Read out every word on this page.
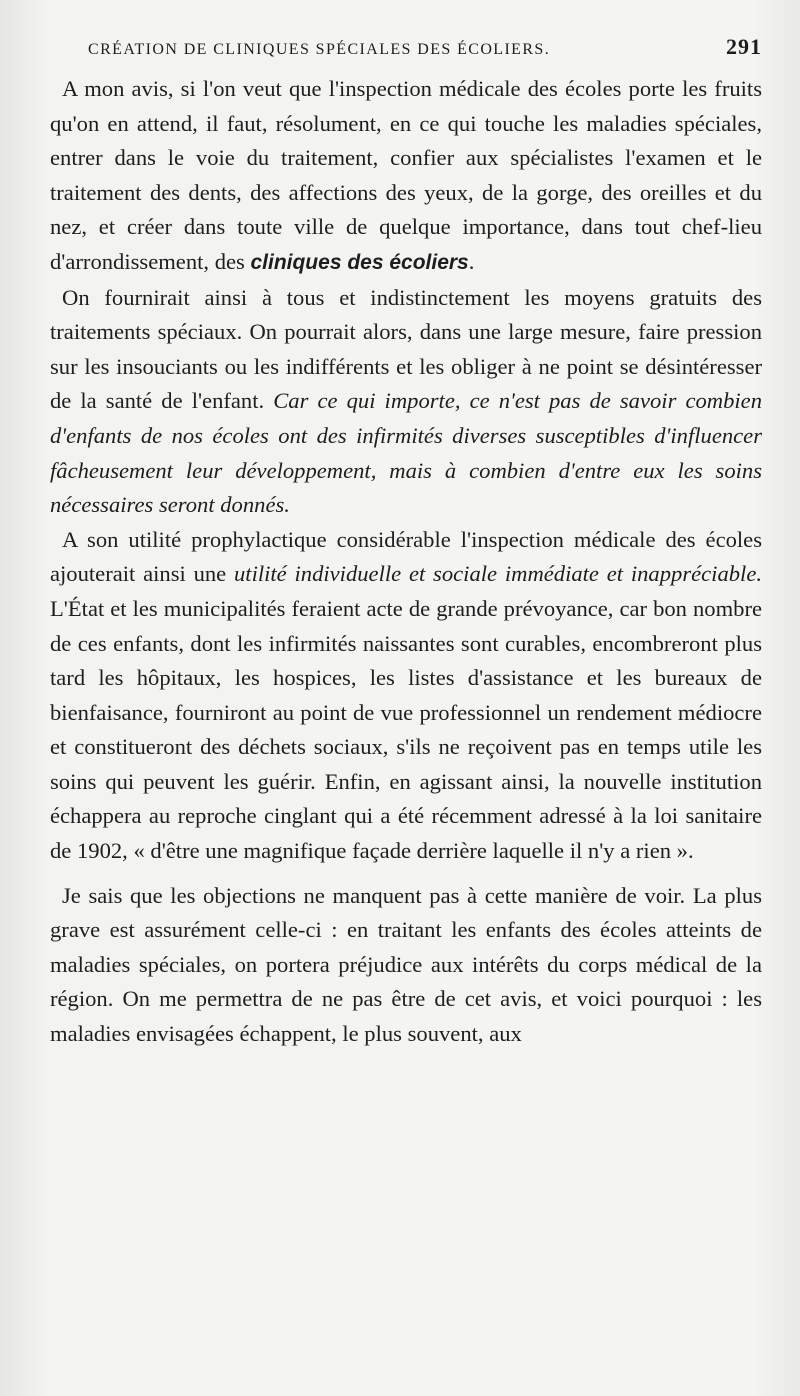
CRÉATION DE CLINIQUES SPÉCIALES DES ÉCOLIERS.	291

A mon avis, si l'on veut que l'inspection médicale des écoles porte les fruits qu'on en attend, il faut, résolument, en ce qui touche les maladies spéciales, entrer dans le voie du traitement, confier aux spécialistes l'examen et le traitement des dents, des affections des yeux, de la gorge, des oreilles et du nez, et créer dans toute ville de quelque importance, dans tout chef-lieu d'arrondissement, des cliniques des écoliers.

On fournirait ainsi à tous et indistinctement les moyens gratuits des traitements spéciaux. On pourrait alors, dans une large mesure, faire pression sur les insouciants ou les indifférents et les obliger à ne point se désintéresser de la santé de l'enfant. Car ce qui importe, ce n'est pas de savoir combien d'enfants de nos écoles ont des infirmités diverses susceptibles d'influencer fâcheusement leur développement, mais à combien d'entre eux les soins nécessaires seront donnés.

A son utilité prophylactique considérable l'inspection médicale des écoles ajouterait ainsi une utilité individuelle et sociale immédiate et inappréciable. L'État et les municipalités feraient acte de grande prévoyance, car bon nombre de ces enfants, dont les infirmités naissantes sont curables, encombreront plus tard les hôpitaux, les hospices, les listes d'assistance et les bureaux de bienfaisance, fourniront au point de vue professionnel un rendement médiocre et constitueront des déchets sociaux, s'ils ne reçoivent pas en temps utile les soins qui peuvent les guérir. Enfin, en agissant ainsi, la nouvelle institution échappera au reproche cinglant qui a été récemment adressé à la loi sanitaire de 1902, « d'être une magnifique façade derrière laquelle il n'y a rien ».

Je sais que les objections ne manquent pas à cette manière de voir. La plus grave est assurément celle-ci : en traitant les enfants des écoles atteints de maladies spéciales, on portera préjudice aux intérêts du corps médical de la région. On me permettra de ne pas être de cet avis, et voici pourquoi : les maladies envisagées échappent, le plus souvent, aux
